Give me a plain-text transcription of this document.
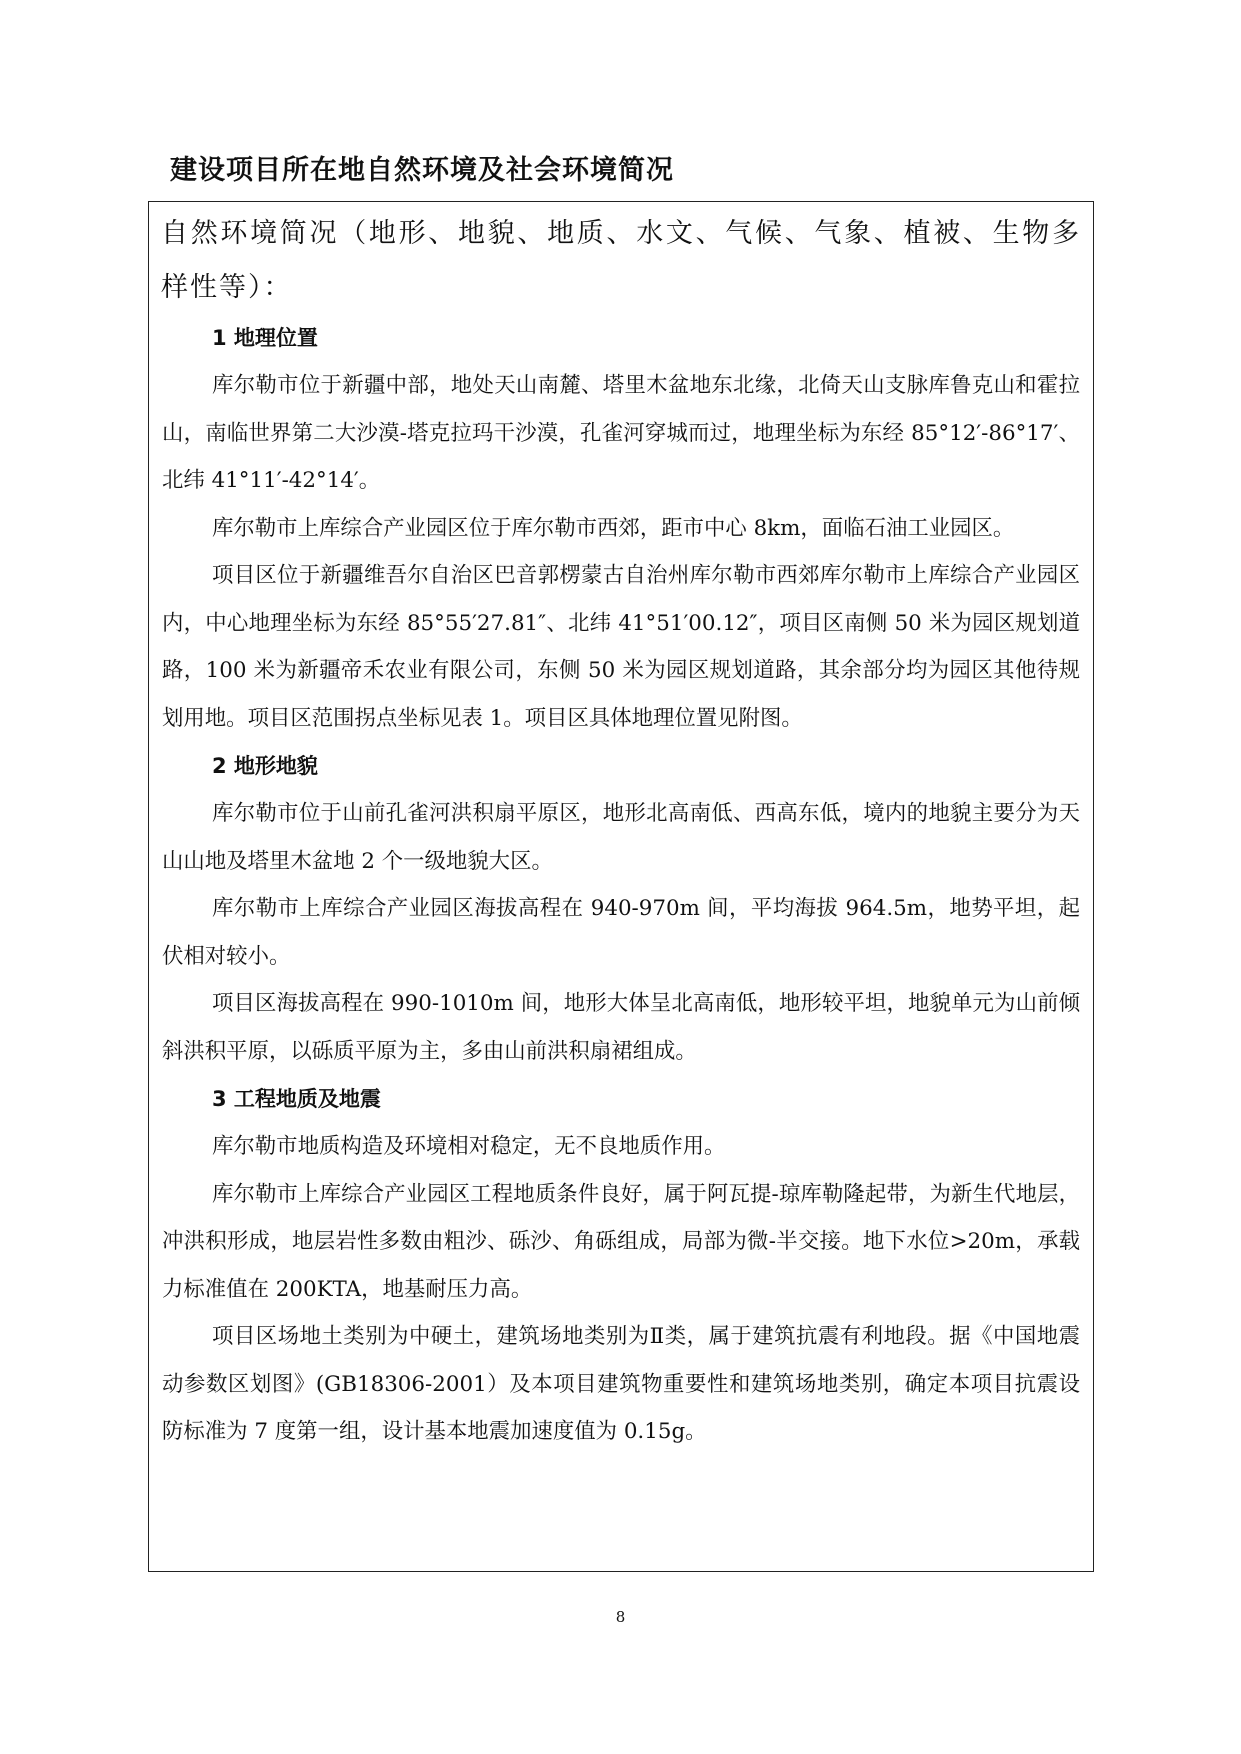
建设项目所在地自然环境及社会环境简况
自然环境简况（地形、地貌、地质、水文、气候、气象、植被、生物多样性等）：
1 地理位置

库尔勒市位于新疆中部，地处天山南麓、塔里木盆地东北缘，北倚天山支脉库鲁克山和霍拉山，南临世界第二大沙漠-塔克拉玛干沙漠，孔雀河穿城而过，地理坐标为东经 85°12′-86°17′、北纬 41°11′-42°14′。

库尔勒市上库综合产业园区位于库尔勒市西郊，距市中心 8km，面临石油工业园区。

项目区位于新疆维吾尔自治区巴音郭楞蒙古自治州库尔勒市西郊库尔勒市上库综合产业园区内，中心地理坐标为东经 85°55′27.81″、北纬 41°51′00.12″，项目区南侧 50 米为园区规划道路，100 米为新疆帝禾农业有限公司，东侧 50 米为园区规划道路，其余部分均为园区其他待规划用地。项目区范围拐点坐标见表 1。项目区具体地理位置见附图。

2 地形地貌

库尔勒市位于山前孔雀河洪积扇平原区，地形北高南低、西高东低，境内的地貌主要分为天山山地及塔里木盆地 2 个一级地貌大区。

库尔勒市上库综合产业园区海拔高程在 940-970m 间，平均海拔 964.5m，地势平坦，起伏相对较小。

项目区海拔高程在 990-1010m 间，地形大体呈北高南低，地形较平坦，地貌单元为山前倾斜洪积平原，以砾质平原为主，多由山前洪积扇裙组成。

3 工程地质及地震

库尔勒市地质构造及环境相对稳定，无不良地质作用。

库尔勒市上库综合产业园区工程地质条件良好，属于阿瓦提-琼库勒隆起带，为新生代地层，冲洪积形成，地层岩性多数由粗沙、砾沙、角砾组成，局部为微-半交接。地下水位>20m，承载力标准值在 200KTA，地基耐压力高。

项目区场地土类别为中硬土，建筑场地类别为Ⅱ类，属于建筑抗震有利地段。据《中国地震动参数区划图》(GB18306-2001）及本项目建筑物重要性和建筑场地类别，确定本项目抗震设防标准为 7 度第一组，设计基本地震加速度值为 0.15g。

8
